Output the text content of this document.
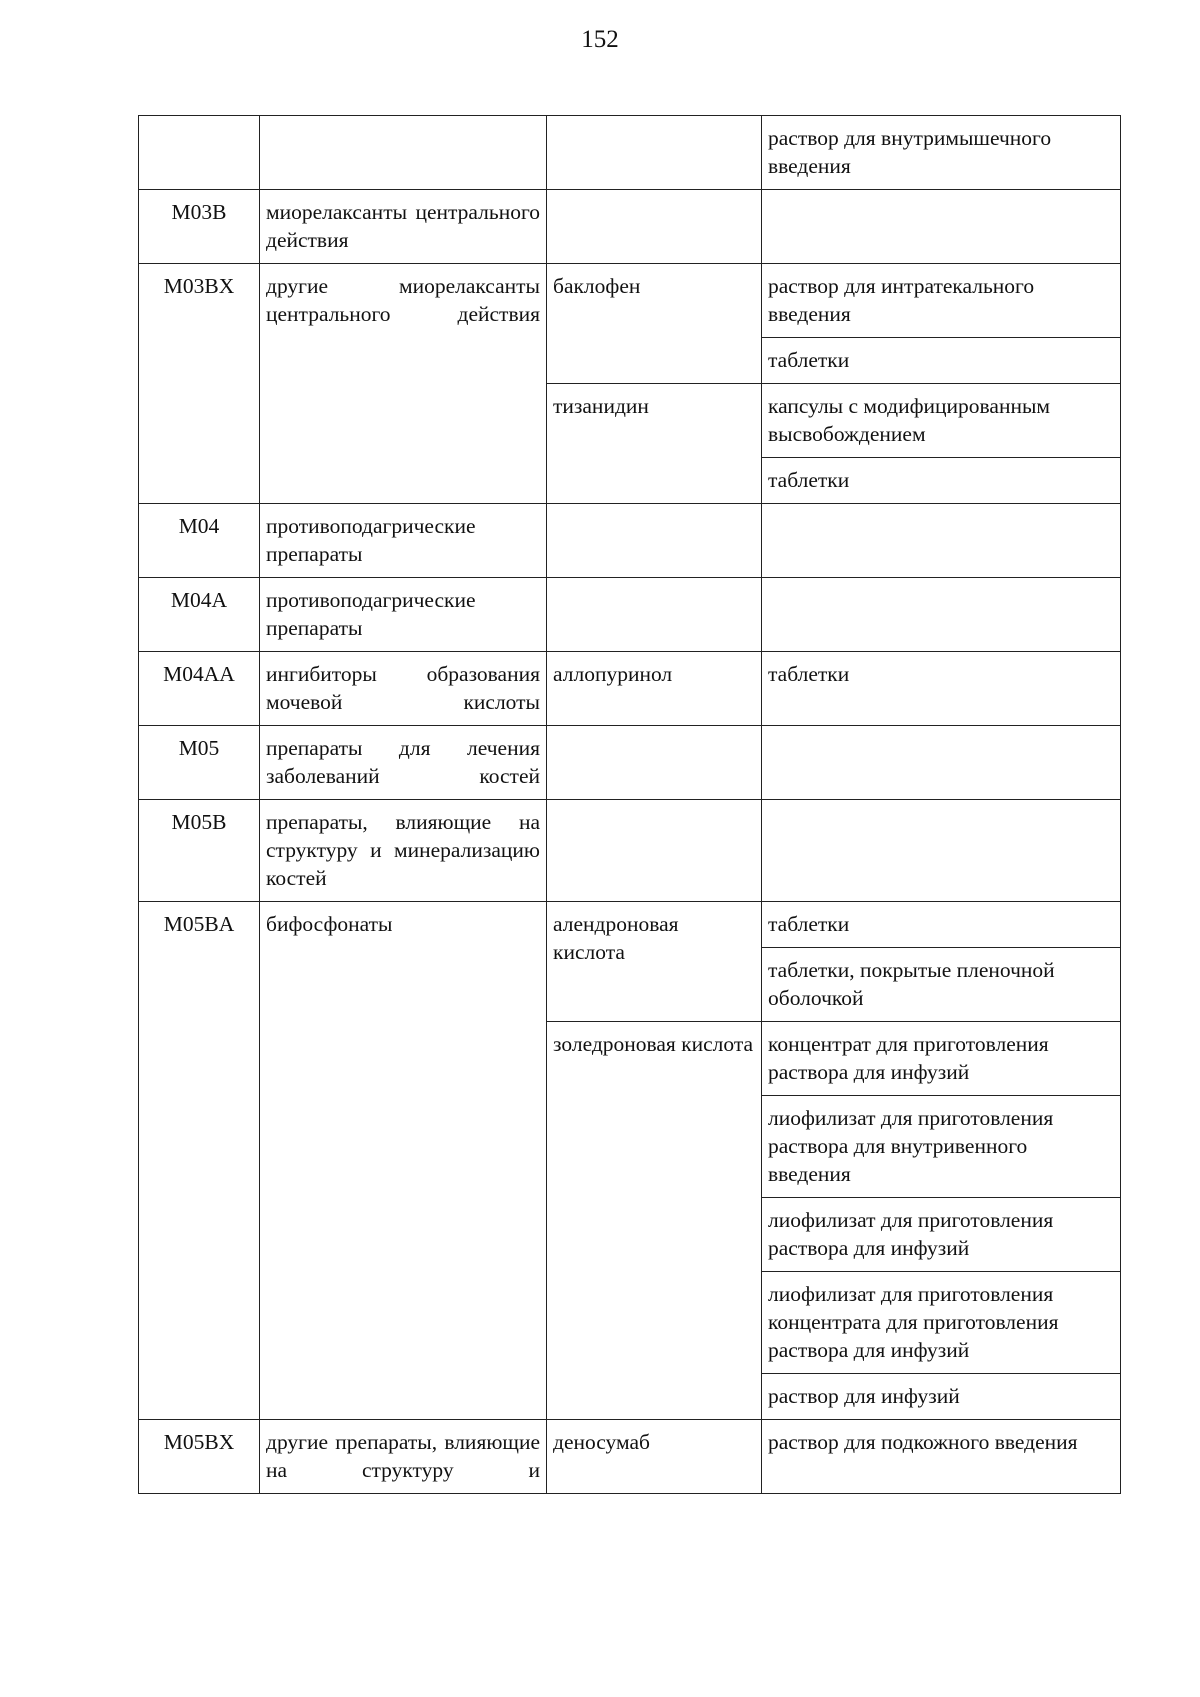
152
			раствор для внутримышечного введения
M03B	миорелаксанты центрального действия		
M03BX	другие миорелаксанты центрального действия	баклофен	раствор для интратекального введения
			таблетки
		тизанидин	капсулы с модифицированным высвобождением
			таблетки
M04	противоподагрические препараты		
M04A	противоподагрические препараты		
M04AA	ингибиторы образования мочевой кислоты	аллопуринол	таблетки
M05	препараты для лечения заболеваний костей		
M05B	препараты, влияющие на структуру и минерализацию костей		
M05BA	бифосфонаты	алендроновая кислота	таблетки
			таблетки, покрытые пленочной оболочкой
		золедроновая кислота	концентрат для приготовления раствора для инфузий
			лиофилизат для приготовления раствора для внутривенного введения
			лиофилизат для приготовления раствора для инфузий
			лиофилизат для приготовления концентрата для приготовления раствора для инфузий
			раствор для инфузий
M05BX	другие препараты, влияющие на структуру и	деносумаб	раствор для подкожного введения
